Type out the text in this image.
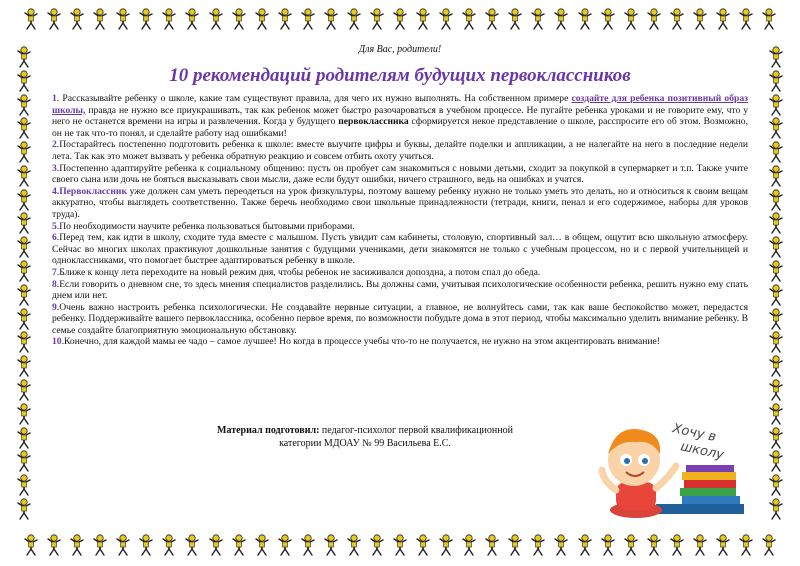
Для Вас, родители!

10 рекомендаций родителям будущих первоклассников

1. Рассказывайте ребенку о школе, какие там существуют правила, для чего их нужно выполнять. На собственном примере создайте для ребенка позитивный образ школы, правда не нужно все приукрашивать, так как ребенок может быстро разочароваться в учебном процессе. Не пугайте ребенка уроками и не говорите ему, что у него не останется времени на игры и развлечения. Когда у будущего первоклассника сформируется некое представление о школе, расспросите его об этом. Возможно, он не так что-то понял, и сделайте работу над ошибками!

2.Постарайтесь постепенно подготовить ребенка к школе: вместе выучите цифры и буквы, делайте поделки и аппликации, а не налегайте на него в последние недели лета. Так как это может вызвать у ребенка обратную реакцию и совсем отбить охоту учиться.

3.Постепенно адаптируйте ребенка к социальному общению: пусть он пробует сам знакомиться с новыми детьми, сходит за покупкой в супермаркет и т.п. Также учите своего сына или дочь не бояться высказывать свои мысли, даже если будут ошибки, ничего страшного, ведь на ошибках и учатся.

4.Первоклассник уже должен сам уметь переодеться на урок физкультуры, поэтому вашему ребенку нужно не только уметь это делать, но и относиться к своим вещам аккуратно, чтобы выглядеть соответственно. Также беречь необходимо свои школьные принадлежности (тетради, книги, пенал и его содержимое, наборы для уроков труда).

5.По необходимости научите ребенка пользоваться бытовыми приборами.

6.Перед тем, как идти в школу, сходите туда вместе с малышом. Пусть увидит сам кабинеты, столовую, спортивный зал… в общем, ощутит всю школьную атмосферу. Сейчас во многих школах практикуют дошкольные занятия с будущими учениками, дети знакомятся не только с учебным процессом, но и с первой учительницей и одноклассниками, что помогает быстрее адаптироваться ребенку в школе.

7.Ближе к концу лета переходите на новый режим дня, чтобы ребенок не засиживался допоздна, а потом спал до обеда.

8.Если говорить о дневном сне, то здесь мнения специалистов разделились. Вы должны сами, учитывая психологические особенности ребенка, решить нужно ему спать днем или нет.

9.Очень важно настроить ребенка психологически. Не создавайте нервные ситуации, а главное, не волнуйтесь сами, так как ваше беспокойство может, передастся ребенку. Поддерживайте вашего первоклассника, особенно первое время, по возможности побудьте дома в этот период, чтобы максимально уделить внимание ребенку. В семье создайте благоприятную эмоциональную обстановку.

10.Конечно, для каждой мамы ее чадо – самое лучшее! Но когда в процессе учебы что-то не получается, не нужно на этом акцентировать внимание!

Материал подготовил: педагог-психолог первой квалификационной
категории МДОАУ № 99 Васильева Е.С.	Хочу в
школу
